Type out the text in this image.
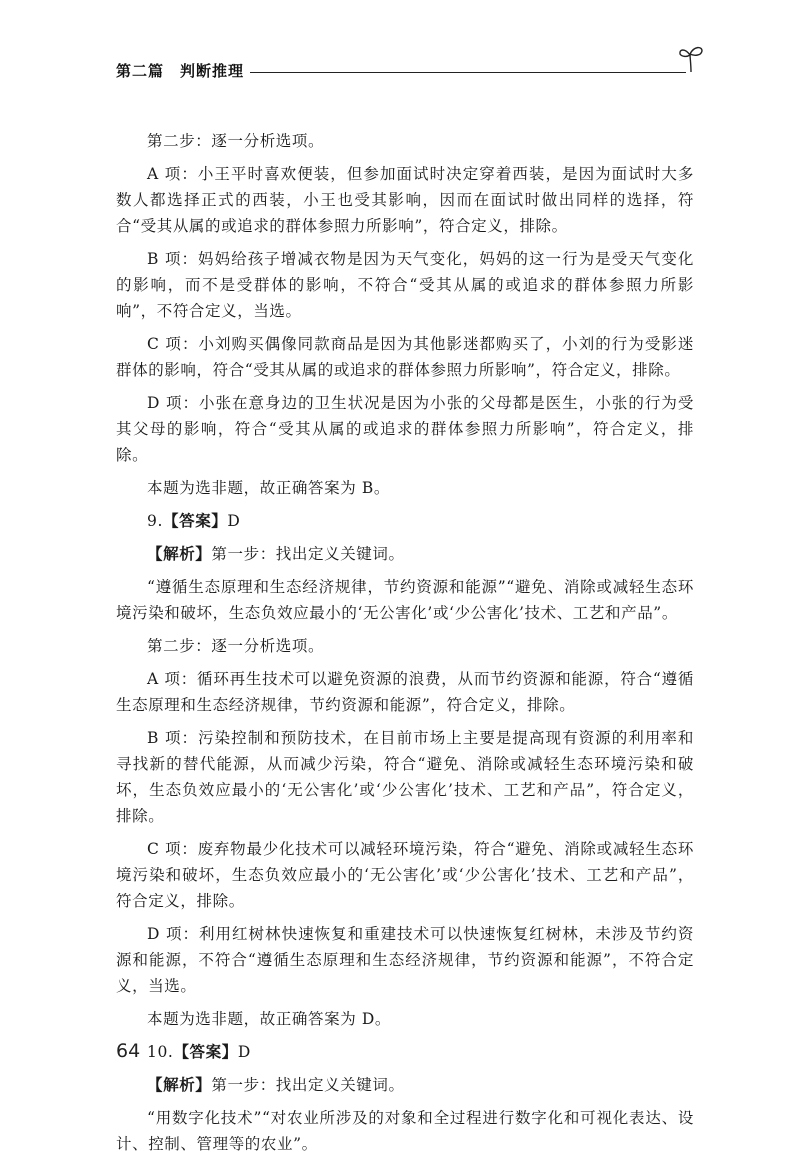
第二篇　判断推理

第二步：逐一分析选项。

A 项：小王平时喜欢便装，但参加面试时决定穿着西装，是因为面试时大多数人都选择正式的西装，小王也受其影响，因而在面试时做出同样的选择，符合“受其从属的或追求的群体参照力所影响”，符合定义，排除。

B 项：妈妈给孩子增减衣物是因为天气变化，妈妈的这一行为是受天气变化的影响，而不是受群体的影响，不符合“受其从属的或追求的群体参照力所影响”，不符合定义，当选。

C 项：小刘购买偶像同款商品是因为其他影迷都购买了，小刘的行为受影迷群体的影响，符合“受其从属的或追求的群体参照力所影响”，符合定义，排除。

D 项：小张在意身边的卫生状况是因为小张的父母都是医生，小张的行为受其父母的影响，符合“受其从属的或追求的群体参照力所影响”，符合定义，排除。

本题为选非题，故正确答案为 B。

9.【答案】D

【解析】第一步：找出定义关键词。

“遵循生态原理和生态经济规律，节约资源和能源”“避免、消除或减轻生态环境污染和破坏，生态负效应最小的‘无公害化’或‘少公害化’技术、工艺和产品”。

第二步：逐一分析选项。

A 项：循环再生技术可以避免资源的浪费，从而节约资源和能源，符合“遵循生态原理和生态经济规律，节约资源和能源”，符合定义，排除。

B 项：污染控制和预防技术，在目前市场上主要是提高现有资源的利用率和寻找新的替代能源，从而减少污染，符合“避免、消除或减轻生态环境污染和破坏，生态负效应最小的‘无公害化’或‘少公害化’技术、工艺和产品”，符合定义，排除。

C 项：废弃物最少化技术可以减轻环境污染，符合“避免、消除或减轻生态环境污染和破坏，生态负效应最小的‘无公害化’或‘少公害化’技术、工艺和产品”，符合定义，排除。

D 项：利用红树林快速恢复和重建技术可以快速恢复红树林，未涉及节约资源和能源，不符合“遵循生态原理和生态经济规律，节约资源和能源”，不符合定义，当选。

本题为选非题，故正确答案为 D。

10.【答案】D

【解析】第一步：找出定义关键词。

“用数字化技术”“对农业所涉及的对象和全过程进行数字化和可视化表达、设计、控制、管理等的农业”。

64
